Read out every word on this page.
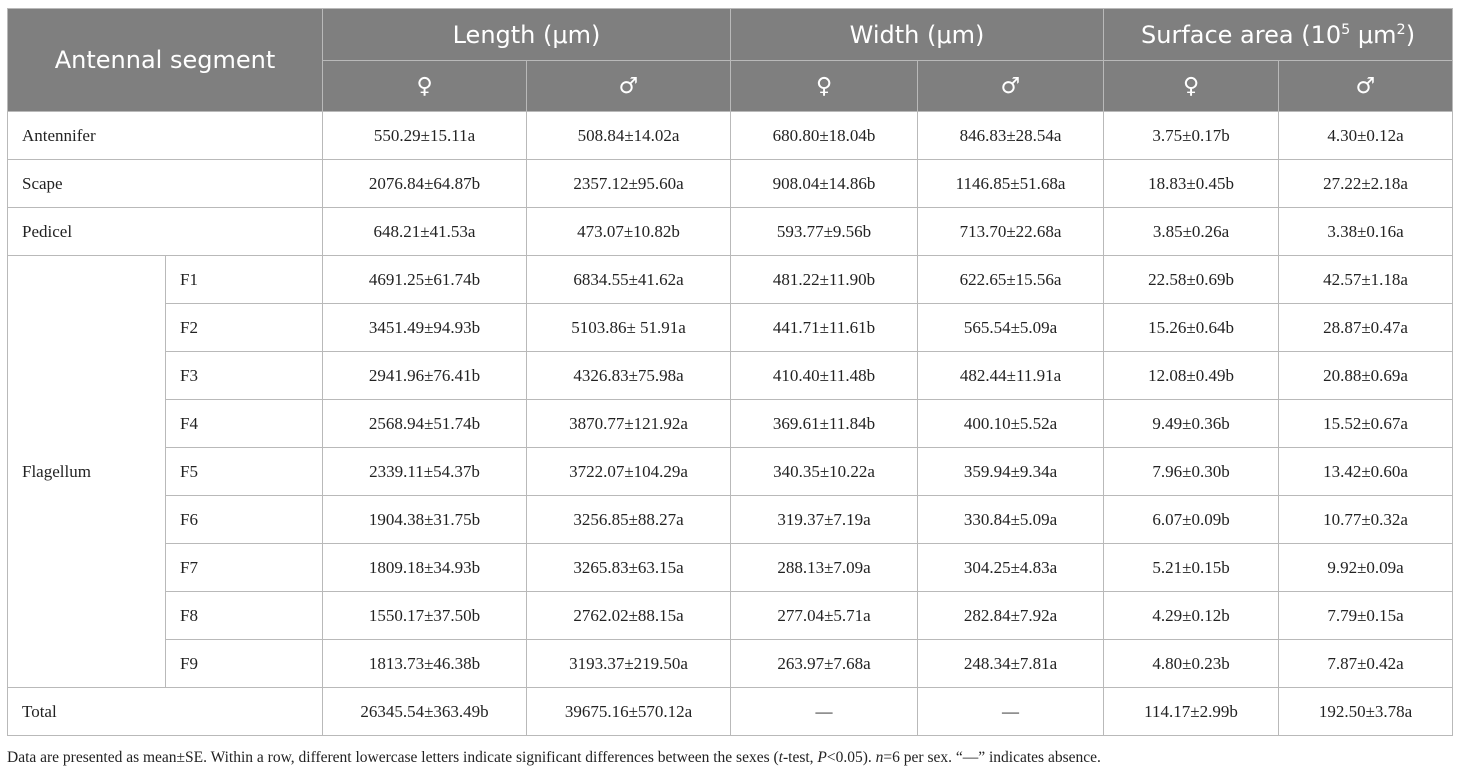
Antennal segment		Length (μm)		Width (μm)		Surface area ($10^5$ $\mu m^2$)	
		♀	♂	♀	♂	♀	♂
Antennifer		550.29±15.11a	508.84±14.02a	680.80±18.04b	846.83±28.54a	3.75±0.17b	4.30±0.12a
Scape		2076.84±64.87b	2357.12±95.60a	908.04±14.86b	1146.85±51.68a	18.83±0.45b	27.22±2.18a
Pedicel		648.21±41.53a	473.07±10.82b	593.77±9.56b	713.70±22.68a	3.85±0.26a	3.38±0.16a
Flagellum	F1	4691.25±61.74b	6834.55±41.62a	481.22±11.90b	622.65±15.56a	22.58±0.69b	42.57±1.18a
	F2	3451.49±94.93b	5103.86± 51.91a	441.71±11.61b	565.54±5.09a	15.26±0.64b	28.87±0.47a
	F3	2941.96±76.41b	4326.83±75.98a	410.40±11.48b	482.44±11.91a	12.08±0.49b	20.88±0.69a
	F4	2568.94±51.74b	3870.77±121.92a	369.61±11.84b	400.10±5.52a	9.49±0.36b	15.52±0.67a
	F5	2339.11±54.37b	3722.07±104.29a	340.35±10.22a	359.94±9.34a	7.96±0.30b	13.42±0.60a
	F6	1904.38±31.75b	3256.85±88.27a	319.37±7.19a	330.84±5.09a	6.07±0.09b	10.77±0.32a
	F7	1809.18±34.93b	3265.83±63.15a	288.13±7.09a	304.25±4.83a	5.21±0.15b	9.92±0.09a
	F8	1550.17±37.50b	2762.02±88.15a	277.04±5.71a	282.84±7.92a	4.29±0.12b	7.79±0.15a
	F9	1813.73±46.38b	3193.37±219.50a	263.97±7.68a	248.34±7.81a	4.80±0.23b	7.87±0.42a
Total		26345.54±363.49b	39675.16±570.12a	—	—	114.17±2.99b	192.50±3.78a
Data are presented as mean±SE. Within a row, different lowercase letters indicate significant differences between the sexes (t-test, P<0.05). n=6 per sex. “—” indicates absence.
